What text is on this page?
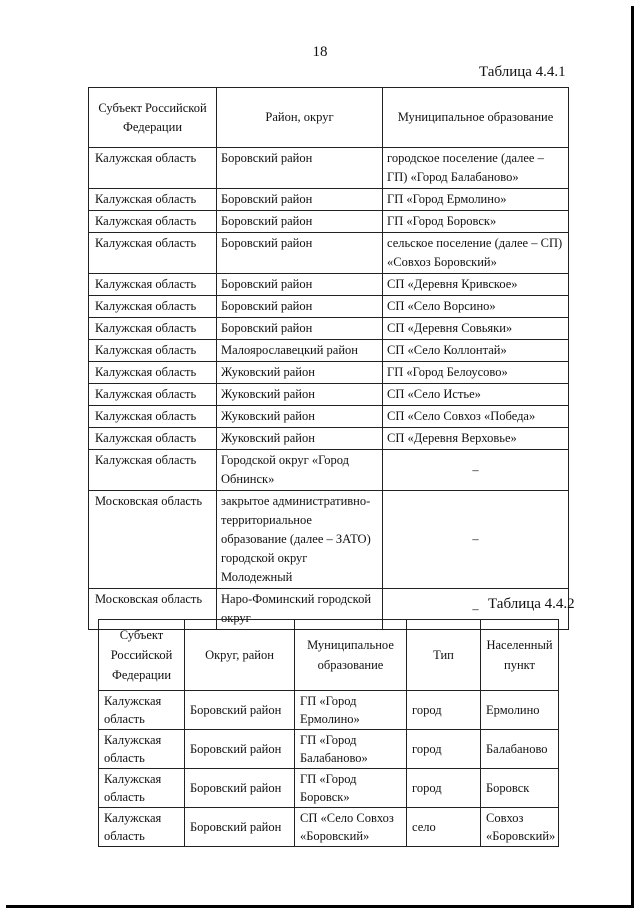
18
Таблица 4.4.1
Субъект Российской Федерации	Район, округ	Муниципальное образование
Калужская область	Боровский район	городское поселение (далее – ГП) «Город Балабаново»
Калужская область	Боровский район	ГП «Город Ермолино»
Калужская область	Боровский район	ГП «Город Боровск»
Калужская область	Боровский район	сельское поселение (далее – СП) «Совхоз Боровский»
Калужская область	Боровский район	СП «Деревня Кривское»
Калужская область	Боровский район	СП «Село Ворсино»
Калужская область	Боровский район	СП «Деревня Совьяки»
Калужская область	Малоярославецкий район	СП «Село Коллонтай»
Калужская область	Жуковский район	ГП «Город Белоусово»
Калужская область	Жуковский район	СП «Село Истье»
Калужская область	Жуковский район	СП «Село Совхоз «Победа»
Калужская область	Жуковский район	СП «Деревня Верховье»
Калужская область	Городской округ «Город Обнинск»	–
Московская область	закрытое административно-территориальное образование (далее – ЗАТО) городской округ Молодежный	–
Московская область	Наро-Фоминский городской округ	– Таблица 4.4.2
Субъект Российской Федерации	Округ, район	Муниципальное образование	Тип	Населенный пункт
Калужская область	Боровский район	ГП «Город Ермолино»	город	Ермолино
Калужская область	Боровский район	ГП «Город Балабаново»	город	Балабаново
Калужская область	Боровский район	ГП «Город Боровск»	город	Боровск
Калужская область	Боровский район	СП «Село Совхоз «Боровский»	село	Совхоз «Боровский»
